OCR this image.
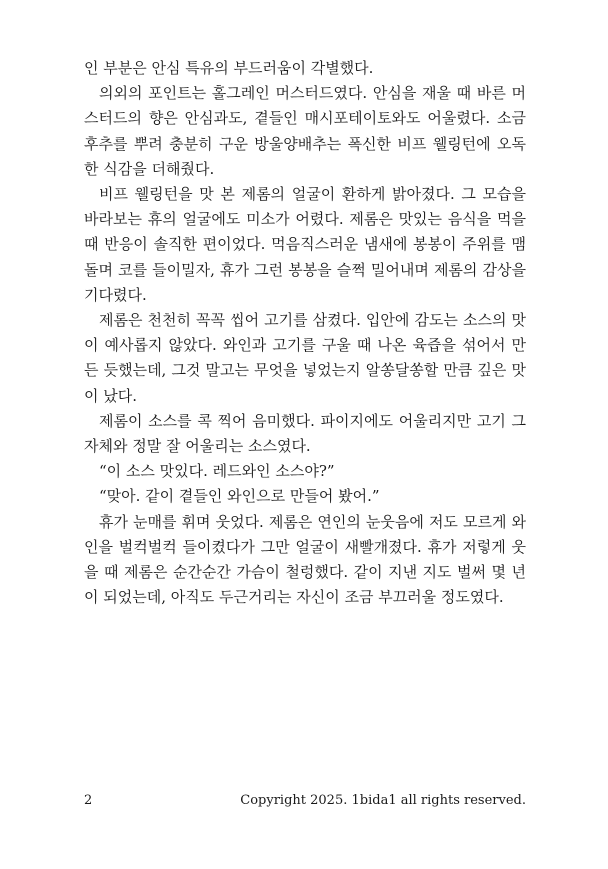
인 부분은 안심 특유의 부드러움이 각별했다.

의외의 포인트는 홀그레인 머스터드였다. 안심을 재울 때 바른 머스터드의 향은 안심과도, 곁들인 매시포테이토와도 어울렸다. 소금 후추를 뿌려 충분히 구운 방울양배추는 폭신한 비프 웰링턴에 오독한 식감을 더해줬다.

비프 웰링턴을 맛 본 제롬의 얼굴이 환하게 밝아졌다. 그 모습을 바라보는 휴의 얼굴에도 미소가 어렸다. 제롬은 맛있는 음식을 먹을 때 반응이 솔직한 편이었다. 먹음직스러운 냄새에 봉봉이 주위를 맴돌며 코를 들이밀자, 휴가 그런 봉봉을 슬쩍 밀어내며 제롬의 감상을 기다렸다.

제롬은 천천히 꼭꼭 씹어 고기를 삼켰다. 입안에 감도는 소스의 맛이 예사롭지 않았다. 와인과 고기를 구울 때 나온 육즙을 섞어서 만든 듯했는데, 그것 말고는 무엇을 넣었는지 알쏭달쏭할 만큼 깊은 맛이 났다.

제롬이 소스를 콕 찍어 음미했다. 파이지에도 어울리지만 고기 그 자체와 정말 잘 어울리는 소스였다.

“이 소스 맛있다. 레드와인 소스야?”

“맞아. 같이 곁들인 와인으로 만들어 봤어.”

휴가 눈매를 휘며 웃었다. 제롬은 연인의 눈웃음에 저도 모르게 와인을 벌컥벌컥 들이켰다가 그만 얼굴이 새빨개졌다. 휴가 저렇게 웃을 때 제롬은 순간순간 가슴이 철렁했다. 같이 지낸 지도 벌써 몇 년이 되었는데, 아직도 두근거리는 자신이 조금 부끄러울 정도였다.

2	Copyright 2025. 1bida1 all rights reserved.
